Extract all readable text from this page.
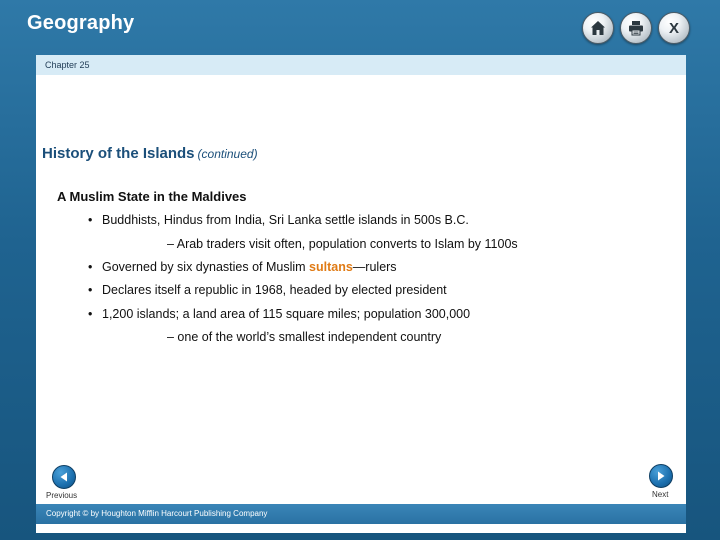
Geography	X
Chapter 25
History of the Islands (continued)
A Muslim State in the Maldives
• Buddhists, Hindus from India, Sri Lanka settle islands in 500s B.C.
– Arab traders visit often, population converts to Islam by 1100s
• Governed by six dynasties of Muslim sultans—rulers
• Declares itself a republic in 1968, headed by elected president
• 1,200 islands; a land area of 115 square miles; population 300,000
– one of the world’s smallest independent country
Previous	Next
Copyright © by Houghton Mifflin Harcourt Publishing Company
